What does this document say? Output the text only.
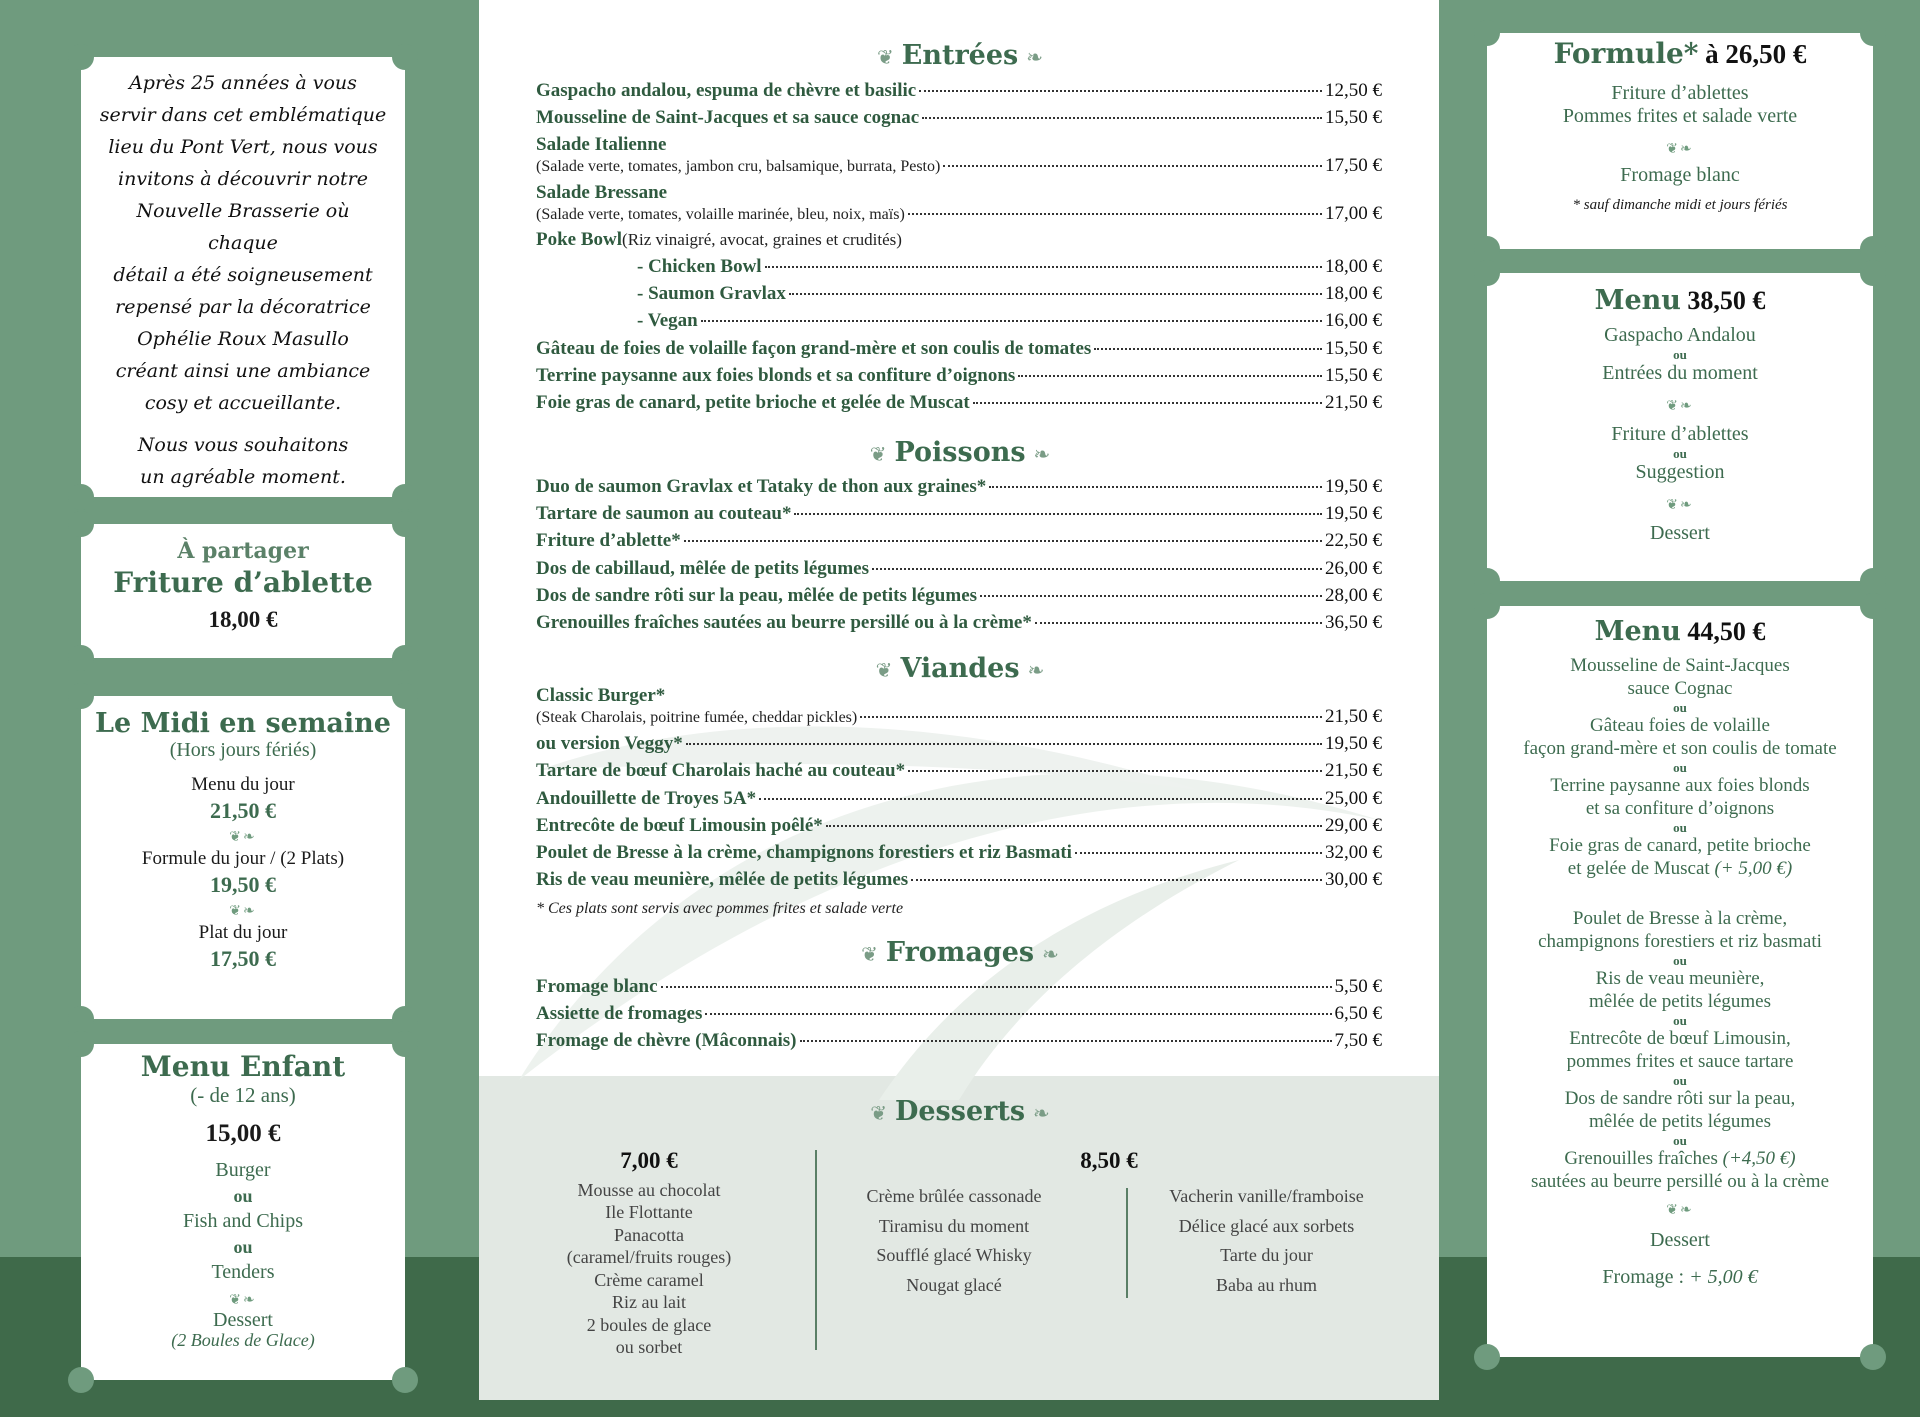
Après 25 années à vous
servir dans cet emblématique
lieu du Pont Vert, nous vous
invitons à découvrir notre
Nouvelle Brasserie où chaque
détail a été soigneusement
repensé par la décoratrice
Ophélie Roux Masullo
créant ainsi une ambiance
cosy et accueillante.
Nous vous souhaitons
un agréable moment.
À partager
Friture d’ablette
18,00 €
Le Midi en semaine
(Hors jours fériés)
Menu du jour
21,50 €
❦❧
Formule du jour / (2 Plats)
19,50 €
❦❧
Plat du jour
17,50 €
Menu Enfant
(- de 12 ans)
15,00 €
Burger
ou
Fish and Chips
ou
Tenders
❦❧
Dessert
(2 Boules de Glace)
❦ Entrées ❧
Gaspacho andalou, espuma de chèvre et basilic	12,50 €
Mousseline de Saint-Jacques et sa sauce cognac	15,50 €
Salade Italienne
(Salade verte, tomates, jambon cru, balsamique, burrata, Pesto)	17,50 €
Salade Bressane
(Salade verte, tomates, volaille marinée, bleu, noix, maïs)	17,00 €
Poke Bowl (Riz vinaigré, avocat, graines et crudités)
- Chicken Bowl	18,00 €
- Saumon Gravlax	18,00 €
- Vegan	16,00 €
Gâteau de foies de volaille façon grand-mère et son coulis de tomates	15,50 €
Terrine paysanne aux foies blonds et sa confiture d’oignons	15,50 €
Foie gras de canard, petite brioche et gelée de Muscat	21,50 €
❦ Poissons ❧
Duo de saumon Gravlax et Tataky de thon aux graines*	19,50 €
Tartare de saumon au couteau*	19,50 €
Friture d’ablette*	22,50 €
Dos de cabillaud, mêlée de petits légumes	26,00 €
Dos de sandre rôti sur la peau, mêlée de petits légumes	28,00 €
Grenouilles fraîches sautées au beurre persillé ou à la crème*	36,50 €
❦ Viandes ❧
Classic Burger*
(Steak Charolais, poitrine fumée, cheddar pickles)	21,50 €
ou version Veggy*	19,50 €
Tartare de bœuf Charolais haché au couteau*	21,50 €
Andouillette de Troyes 5A*	25,00 €
Entrecôte de bœuf Limousin poêlé*	29,00 €
Poulet de Bresse à la crème, champignons forestiers et riz Basmati	32,00 €
Ris de veau meunière, mêlée de petits légumes	30,00 €
* Ces plats sont servis avec pommes frites et salade verte
❦ Fromages ❧
Fromage blanc	5,50 €
Assiette de fromages	6,50 €
Fromage de chèvre (Mâconnais)	7,50 €
❦ Desserts ❧
7,00 €
Mousse au chocolat
Ile Flottante
Panacotta
(caramel/fruits rouges)
Crème caramel
Riz au lait
2 boules de glace
ou sorbet
Crème brûlée cassonade
Tiramisu du moment
Soufflé glacé Whisky
Nougat glacé
8,50 €
Vacherin vanille/framboise
Délice glacé aux sorbets
Tarte du jour
Baba au rhum
Formule* à 26,50 €
Friture d’ablettes
Pommes frites et salade verte
❦❧
Fromage blanc
* sauf dimanche midi et jours fériés
Menu 38,50 €
Gaspacho Andalou
ou
Entrées du moment
❦❧
Friture d’ablettes
ou
Suggestion
❦❧
Dessert
Menu 44,50 €
Mousseline de Saint-Jacques
sauce Cognac
ou
Gâteau foies de volaille
façon grand-mère et son coulis de tomate
ou
Terrine paysanne aux foies blonds
et sa confiture d’oignons
ou
Foie gras de canard, petite brioche
et gelée de Muscat (+ 5,00 €)
Poulet de Bresse à la crème,
champignons forestiers et riz basmati
ou
Ris de veau meunière,
mêlée de petits légumes
ou
Entrecôte de bœuf Limousin,
pommes frites et sauce tartare
ou
Dos de sandre rôti sur la peau,
mêlée de petits légumes
ou
Grenouilles fraîches (+4,50 €)
sautées au beurre persillé ou à la crème
❦❧
Dessert
Fromage : + 5,00 €
